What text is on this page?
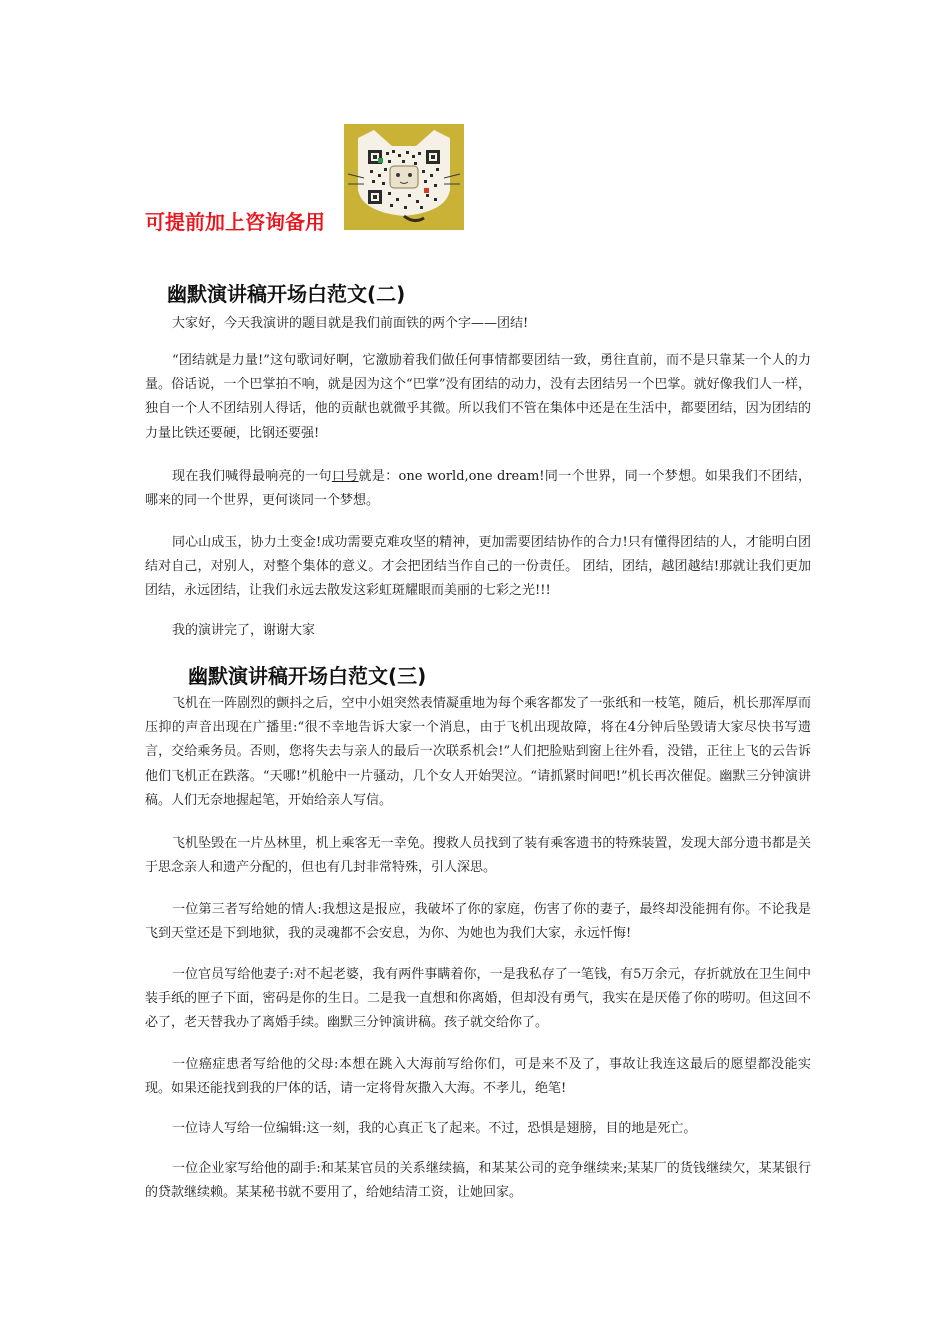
可提前加上咨询备用
幽默演讲稿开场白范文(二)

大家好，今天我演讲的题目就是我们前面铁的两个字——团结!

“团结就是力量!”这句歌词好啊，它激励着我们做任何事情都要团结一致，勇往直前，而不是只靠某一个人的力量。俗话说，一个巴掌拍不响，就是因为这个“巴掌”没有团结的动力，没有去团结另一个巴掌。就好像我们人一样，独自一个人不团结别人得话，他的贡献也就微乎其微。所以我们不管在集体中还是在生活中，都要团结，因为团结的力量比铁还要硬，比钢还要强!

现在我们喊得最响亮的一句口号就是：one world,one dream!同一个世界，同一个梦想。如果我们不团结，哪来的同一个世界，更何谈同一个梦想。

同心山成玉，协力土变金!成功需要克难攻坚的精神，更加需要团结协作的合力!只有懂得团结的人，才能明白团结对自己，对别人，对整个集体的意义。才会把团结当作自己的一份责任。 团结，团结，越团越结!那就让我们更加团结，永远团结，让我们永远去散发这彩虹斑耀眼而美丽的七彩之光!!!

我的演讲完了，谢谢大家

幽默演讲稿开场白范文(三)

飞机在一阵剧烈的颤抖之后，空中小姐突然表情凝重地为每个乘客都发了一张纸和一枝笔，随后，机长那浑厚而压抑的声音出现在广播里:“很不幸地告诉大家一个消息，由于飞机出现故障，将在4分钟后坠毁请大家尽快书写遗言，交给乘务员。否则，您将失去与亲人的最后一次联系机会!”人们把脸贴到窗上往外看，没错，正往上飞的云告诉他们飞机正在跌落。“天哪!”机舱中一片骚动，几个女人开始哭泣。“请抓紧时间吧!”机长再次催促。幽默三分钟演讲稿。人们无奈地握起笔，开始给亲人写信。

飞机坠毁在一片丛林里，机上乘客无一幸免。搜救人员找到了装有乘客遗书的特殊装置，发现大部分遗书都是关于思念亲人和遗产分配的，但也有几封非常特殊，引人深思。

一位第三者写给她的情人:我想这是报应，我破坏了你的家庭，伤害了你的妻子，最终却没能拥有你。不论我是飞到天堂还是下到地狱，我的灵魂都不会安息，为你、为她也为我们大家，永远忏悔!

一位官员写给他妻子:对不起老婆，我有两件事瞒着你，一是我私存了一笔钱，有5万余元，存折就放在卫生间中装手纸的匣子下面，密码是你的生日。二是我一直想和你离婚，但却没有勇气，我实在是厌倦了你的唠叨。但这回不必了，老天替我办了离婚手续。幽默三分钟演讲稿。孩子就交给你了。

一位癌症患者写给他的父母:本想在跳入大海前写给你们，可是来不及了，事故让我连这最后的愿望都没能实现。如果还能找到我的尸体的话，请一定将骨灰撒入大海。不孝儿，绝笔!

一位诗人写给一位编辑:这一刻，我的心真正飞了起来。不过，恐惧是翅膀，目的地是死亡。

一位企业家写给他的副手:和某某官员的关系继续搞，和某某公司的竞争继续来;某某厂的货钱继续欠，某某银行的贷款继续赖。某某秘书就不要用了，给她结清工资，让她回家。
